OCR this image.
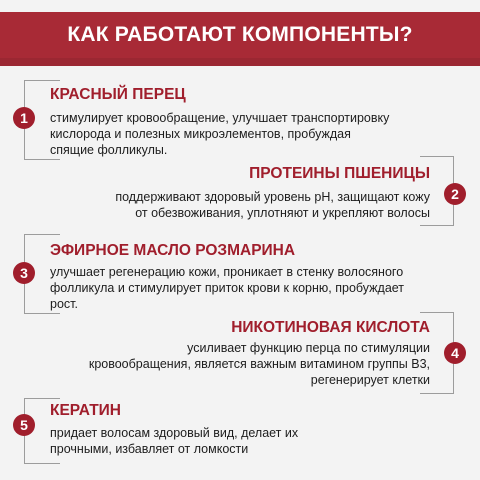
КАК РАБОТАЮТ КОМПОНЕНТЫ?
1
КРАСНЫЙ ПЕРЕЦ
стимулирует кровообращение, улучшает транспортировку
кислорода и полезных микроэлементов, пробуждая
спящие фолликулы.
2
ПРОТЕИНЫ ПШЕНИЦЫ
поддерживают здоровый уровень pH, защищают кожу
от обезвоживания, уплотняют и укрепляют волосы
3
ЭФИРНОЕ МАСЛО РОЗМАРИНА
улучшает регенерацию кожи, проникает в стенку волосяного
фолликула и стимулирует приток крови к корню, пробуждает
рост.
4
НИКОТИНОВАЯ КИСЛОТА
усиливает функцию перца по стимуляции
кровообращения, является важным витамином группы В3,
регенерирует клетки
5
КЕРАТИН
придает волосам здоровый вид, делает их
прочными, избавляет от ломкости
